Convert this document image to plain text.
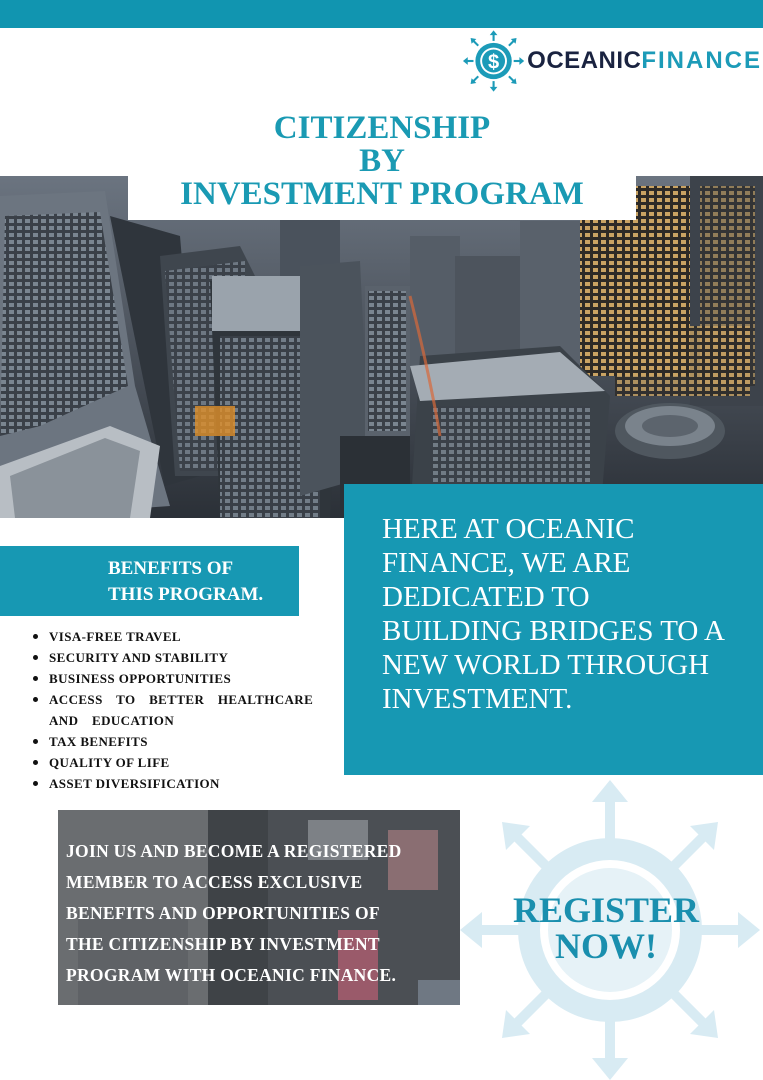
$ OCEANICFINANCE
CITIZENSHIP
BY
INVESTMENT PROGRAM
HERE AT OCEANIC FINANCE, WE ARE DEDICATED TO BUILDING BRIDGES TO A NEW WORLD THROUGH INVESTMENT.
BENEFITS OF
THIS PROGRAM.
VISA-FREE TRAVEL
SECURITY AND STABILITY
BUSINESS OPPORTUNITIES
ACCESS TO BETTER HEALTHCARE AND EDUCATION
TAX BENEFITS
QUALITY OF LIFE
ASSET DIVERSIFICATION
JOIN US AND BECOME A REGISTERED
MEMBER TO ACCESS EXCLUSIVE
BENEFITS AND OPPORTUNITIES OF
THE CITIZENSHIP BY INVESTMENT
PROGRAM WITH OCEANIC FINANCE.
REGISTER
NOW!
